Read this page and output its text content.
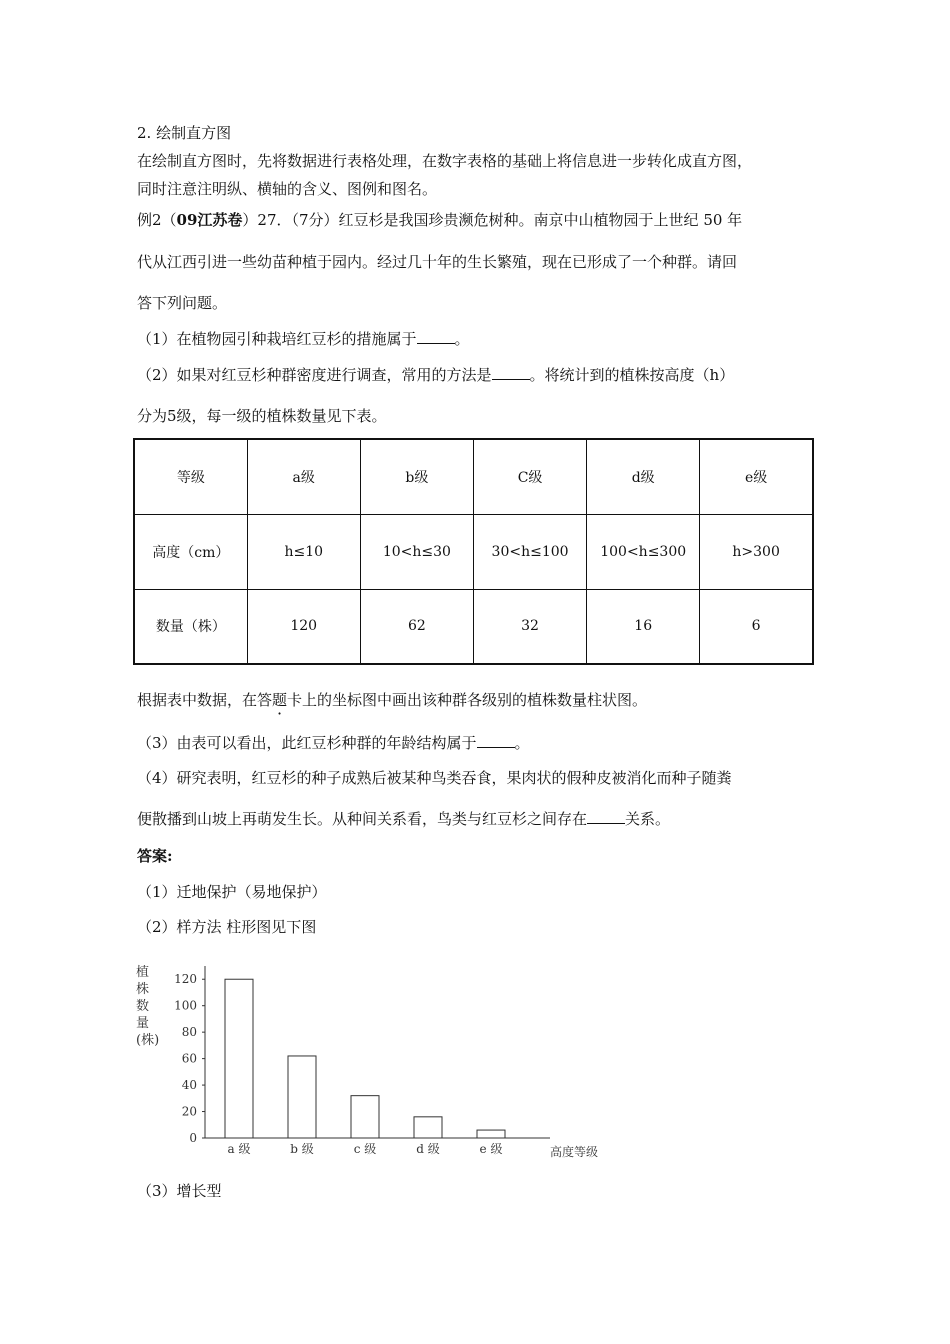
2. 绘制直方图
在绘制直方图时，先将数据进行表格处理，在数字表格的基础上将信息进一步转化成直方图，
同时注意注明纵、横轴的含义、图例和图名。
例2（09江苏卷）27．（7分）红豆杉是我国珍贵濒危树种。南京中山植物园于上世纪 50 年
代从江西引进一些幼苗种植于园内。经过几十年的生长繁殖，现在已形成了一个种群。请回
答下列问题。
（1）在植物园引种栽培红豆杉的措施属于	。
（2）如果对红豆杉种群密度进行调查，常用的方法是	。将统计到的植株按高度（h）
分为5级，每一级的植株数量见下表。
等级	a级	b级	C级	d级	e级
高度（cm）	h≤10	10<h≤30	30<h≤100	100<h≤300	h>300
数量（株）	120	62	32	16	6
根据表中数据，在答题卡上的坐标图中画出该种群各级别的植株数量柱状图。
（3）由表可以看出，此红豆杉种群的年龄结构属于	。
（4）研究表明，红豆杉的种子成熟后被某种鸟类吞食，果肉状的假种皮被消化而种子随粪
便散播到山坡上再萌发生长。从种间关系看，鸟类与红豆杉之间存在	关系。
答案:
（1）迁地保护（易地保护）
（2）样方法 柱形图见下图
植
株
数
量
(株)
0
20
40
60
80
100
120
a 级	b 级	c 级	d 级	e 级	高度等级
（3）增长型
